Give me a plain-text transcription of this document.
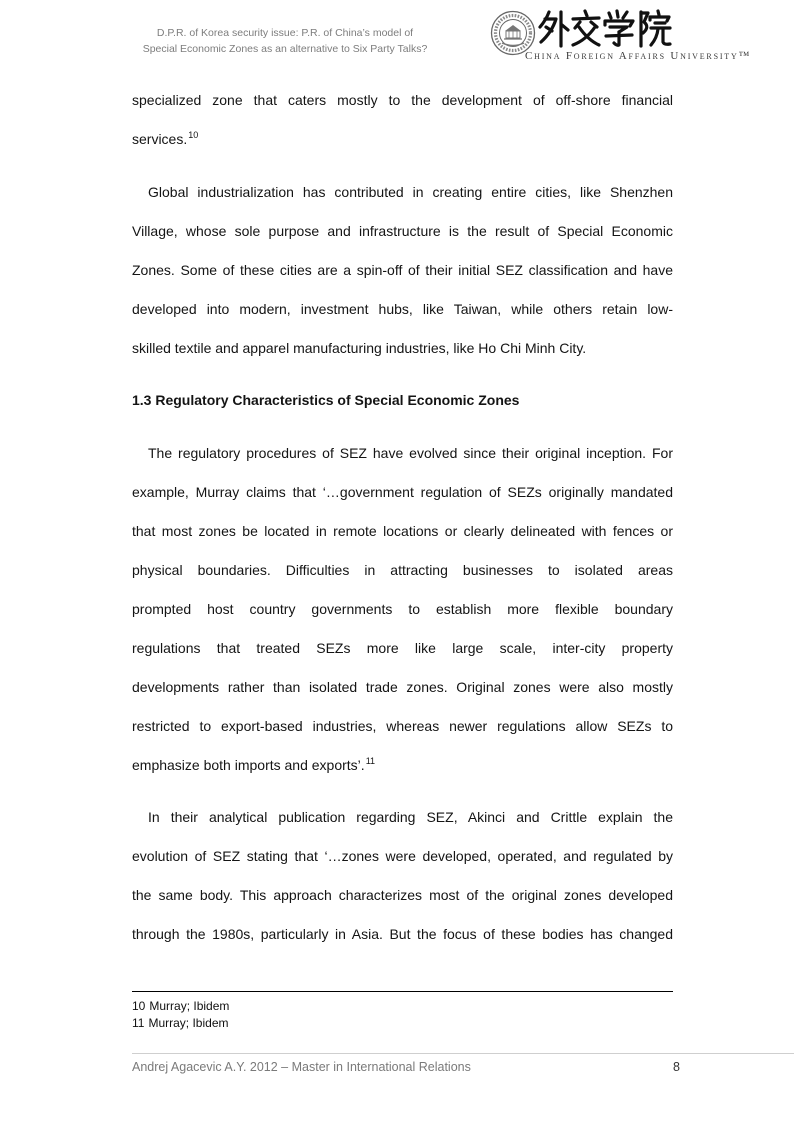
D.P.R. of Korea security issue: P.R. of China’s model of
Special Economic Zones as an alternative to Six Party Talks?
China Foreign Affairs University™
specialized zone that caters mostly to the development of off-shore financial
services.$^{10}$
Global industrialization has contributed in creating entire cities, like Shenzhen
Village, whose sole purpose and infrastructure is the result of Special Economic
Zones. Some of these cities are a spin-off of their initial SEZ classification and have
developed into modern, investment hubs, like Taiwan, while others retain low-
skilled textile and apparel manufacturing industries, like Ho Chi Minh City.
1.3 Regulatory Characteristics of Special Economic Zones
The regulatory procedures of SEZ have evolved since their original inception. For
example, Murray claims that ‘…government regulation of SEZs originally mandated
that most zones be located in remote locations or clearly delineated with fences or
physical boundaries. Difficulties in attracting businesses to isolated areas
prompted host country governments to establish more flexible boundary
regulations that treated SEZs more like large scale, inter-city property
developments rather than isolated trade zones. Original zones were also mostly
restricted to export-based industries, whereas newer regulations allow SEZs to
emphasize both imports and exports’.$^{11}$
In their analytical publication regarding SEZ, Akinci and Crittle explain the
evolution of SEZ stating that ‘…zones were developed, operated, and regulated by
the same body. This approach characterizes most of the original zones developed
through the 1980s, particularly in Asia. But the focus of these bodies has changed
10 Murray; Ibidem
11 Murray; Ibidem
Andrej Agacevic A.Y. 2012 – Master in International Relations	8
